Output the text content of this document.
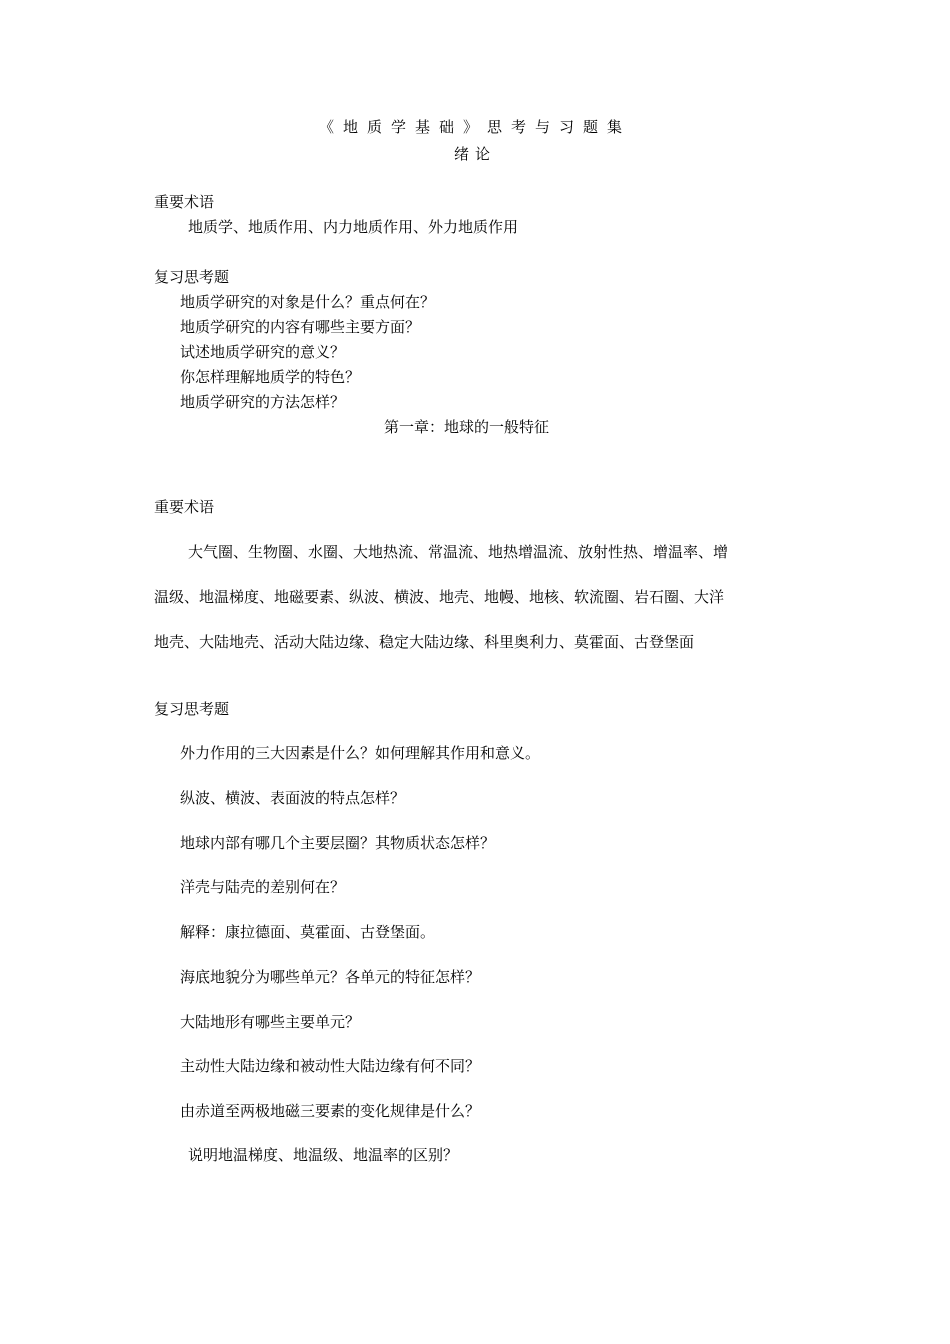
《地质学基础》思考与习题集
绪论
重要术语
地质学、地质作用、内力地质作用、外力地质作用
复习思考题
地质学研究的对象是什么？重点何在？
地质学研究的内容有哪些主要方面？
试述地质学研究的意义？
你怎样理解地质学的特色？
地质学研究的方法怎样？
第一章：地球的一般特征
重要术语
大气圈、生物圈、水圈、大地热流、常温流、地热增温流、放射性热、增温率、增
温级、地温梯度、地磁要素、纵波、横波、地壳、地幔、地核、软流圈、岩石圈、大洋
地壳、大陆地壳、活动大陆边缘、稳定大陆边缘、科里奥利力、莫霍面、古登堡面
复习思考题
外力作用的三大因素是什么？如何理解其作用和意义。
纵波、横波、表面波的特点怎样？
地球内部有哪几个主要层圈？其物质状态怎样？
洋壳与陆壳的差别何在？
解释：康拉德面、莫霍面、古登堡面。
海底地貌分为哪些单元？各单元的特征怎样？
大陆地形有哪些主要单元？
主动性大陆边缘和被动性大陆边缘有何不同？
由赤道至两极地磁三要素的变化规律是什么？
说明地温梯度、地温级、地温率的区别？
